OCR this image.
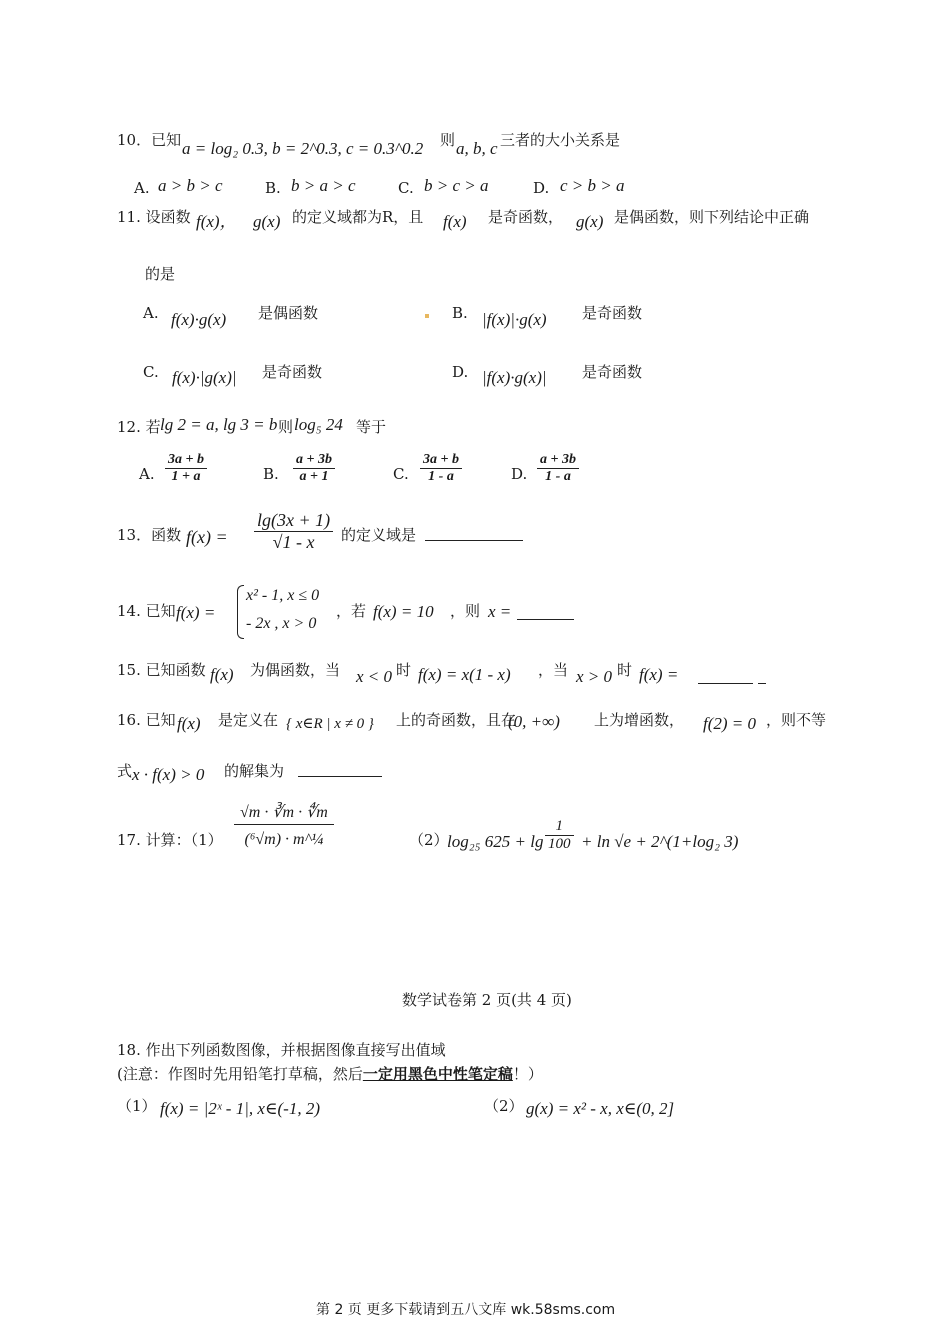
10．已知 a = log₂ 0.3, b = 2^0.3, c = 0.3^0.2 则 a, b, c 三者的大小关系是
A. a > b > c	B. b > a > c	C. b > c > a	D. c > b > a
11. 设函数 f(x)， g(x) 的定义域都为R，且 f(x) 是奇函数， g(x) 是偶函数，则下列结论中正确
的是
A. f(x)·g(x) 是偶函数	B. |f(x)|·g(x) 是奇函数
C. f(x)·|g(x)| 是奇函数	D. |f(x)·g(x)| 是奇函数
12. 若 lg 2 = a, lg 3 = b 则 log₅ 24 等于
A. $\frac{3a + b}{1 + a}$	B. $\frac{a + 3b}{a + 1}$	C. $\frac{3a + b}{1 - a}$	D. $\frac{a + 3b}{1 - a}$
13．函数 $f(x) = \frac{\lg(3x + 1)}{√1 - x}$ 的定义域是
14. 已知 f(x) =
x² - 1, x ≤ 0
- 2x , x > 0
，若 f(x) = 10 ，则 x =
15. 已知函数 f(x) 为偶函数，当 x < 0 时 f(x) = x(1 - x) ，当 x > 0 时 f(x) =
16. 已知 f(x) 是定义在 { x∈R | x ≠ 0 } 上的奇函数，且在
(0, +∞) 上为增函数， f(2) = 0 ，则不等
式 x · f(x) > 0 的解集为
17. 计算：$(1) \frac{√m \cdot ∛m \cdot ∜m}{\text{(⁶√m) · m\textasciicircum{}¼}}$	（2）
log₂₅ $625 + \lg \frac{1}{100} + \ln √e$ + 2^(1+log₂ 3)
数学试卷第 2 页(共 4 页)
18. 作出下列函数图像，并根据图像直接写出值域
(注意：作图时先用铅笔打草稿，然后一定用黑色中性笔定稿！）
（1） f(x) = |2ˣ - 1|, x∈(-1, 2)	（2） g(x) = x² - x, x∈(0, 2]
第 2 页 更多下载请到五八文库 wk.58sms.com
